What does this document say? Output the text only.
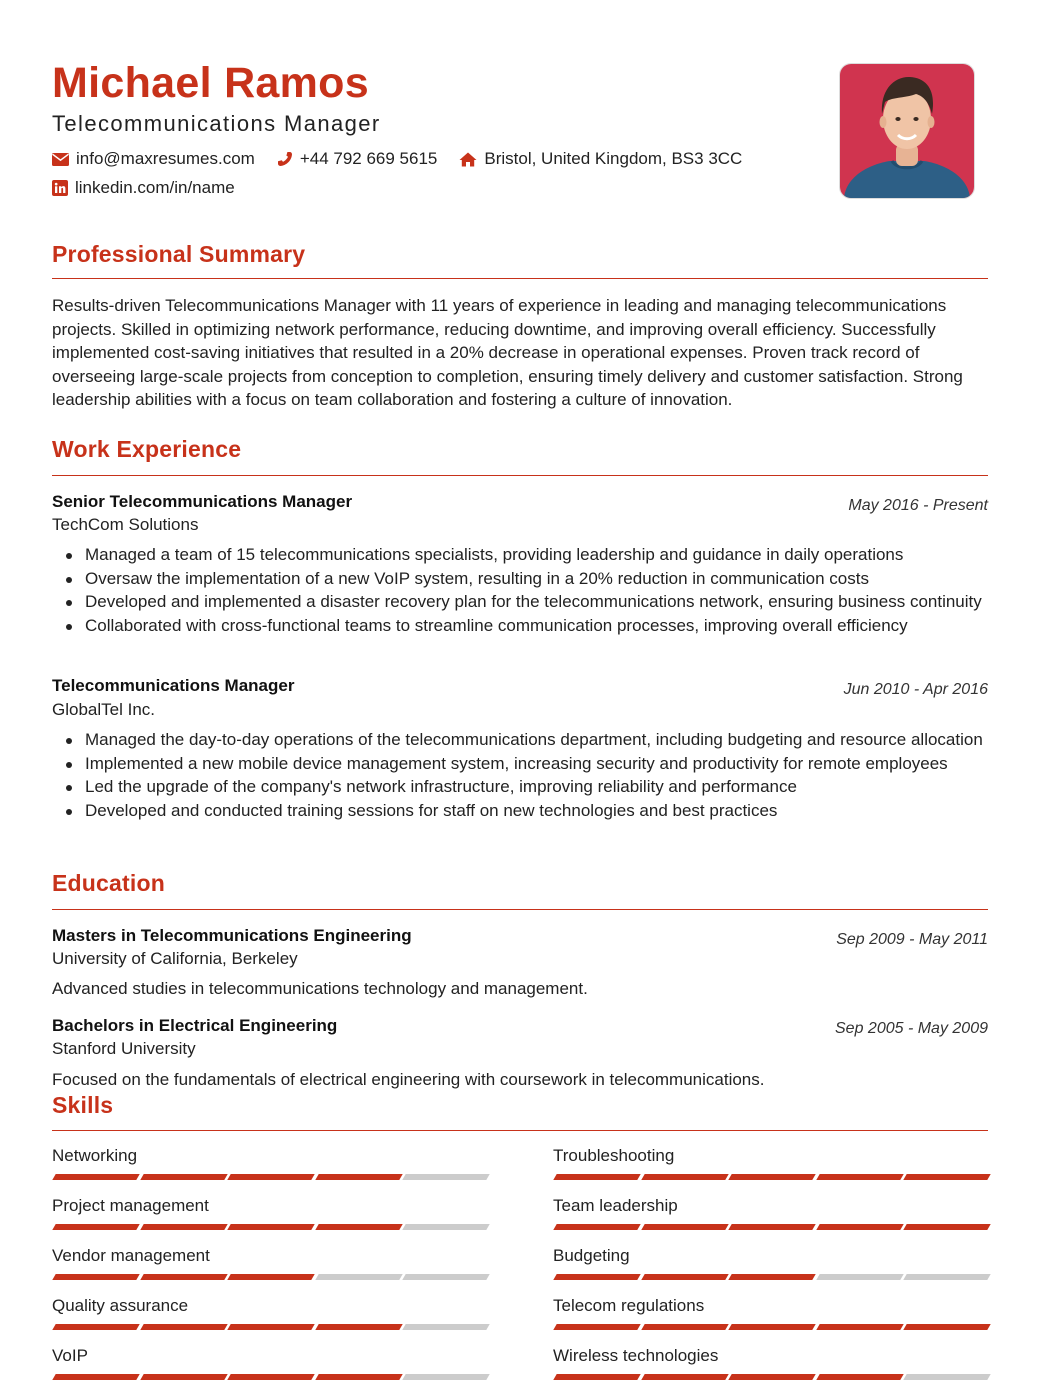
Michael Ramos
Telecommunications Manager
info@maxresumes.com	+44 792 669 5615	Bristol, United Kingdom, BS3 3CC
linkedin.com/in/name
Professional Summary
Results-driven Telecommunications Manager with 11 years of experience in leading and managing telecommunications projects. Skilled in optimizing network performance, reducing downtime, and improving overall efficiency. Successfully implemented cost-saving initiatives that resulted in a 20% decrease in operational expenses. Proven track record of overseeing large-scale projects from conception to completion, ensuring timely delivery and customer satisfaction. Strong leadership abilities with a focus on team collaboration and fostering a culture of innovation.
Work Experience
Senior Telecommunications Manager	May 2016 - Present
TechCom Solutions
Managed a team of 15 telecommunications specialists, providing leadership and guidance in daily operations
Oversaw the implementation of a new VoIP system, resulting in a 20% reduction in communication costs
Developed and implemented a disaster recovery plan for the telecommunications network, ensuring business continuity
Collaborated with cross-functional teams to streamline communication processes, improving overall efficiency
Telecommunications Manager	Jun 2010 - Apr 2016
GlobalTel Inc.
Managed the day-to-day operations of the telecommunications department, including budgeting and resource allocation
Implemented a new mobile device management system, increasing security and productivity for remote employees
Led the upgrade of the company's network infrastructure, improving reliability and performance
Developed and conducted training sessions for staff on new technologies and best practices
Education
Masters in Telecommunications Engineering	Sep 2009 - May 2011
University of California, Berkeley
Advanced studies in telecommunications technology and management.
Bachelors in Electrical Engineering	Sep 2005 - May 2009
Stanford University
Focused on the fundamentals of electrical engineering with coursework in telecommunications.
Skills
Networking	Troubleshooting
Project management	Team leadership
Vendor management	Budgeting
Quality assurance	Telecom regulations
VoIP	Wireless technologies
